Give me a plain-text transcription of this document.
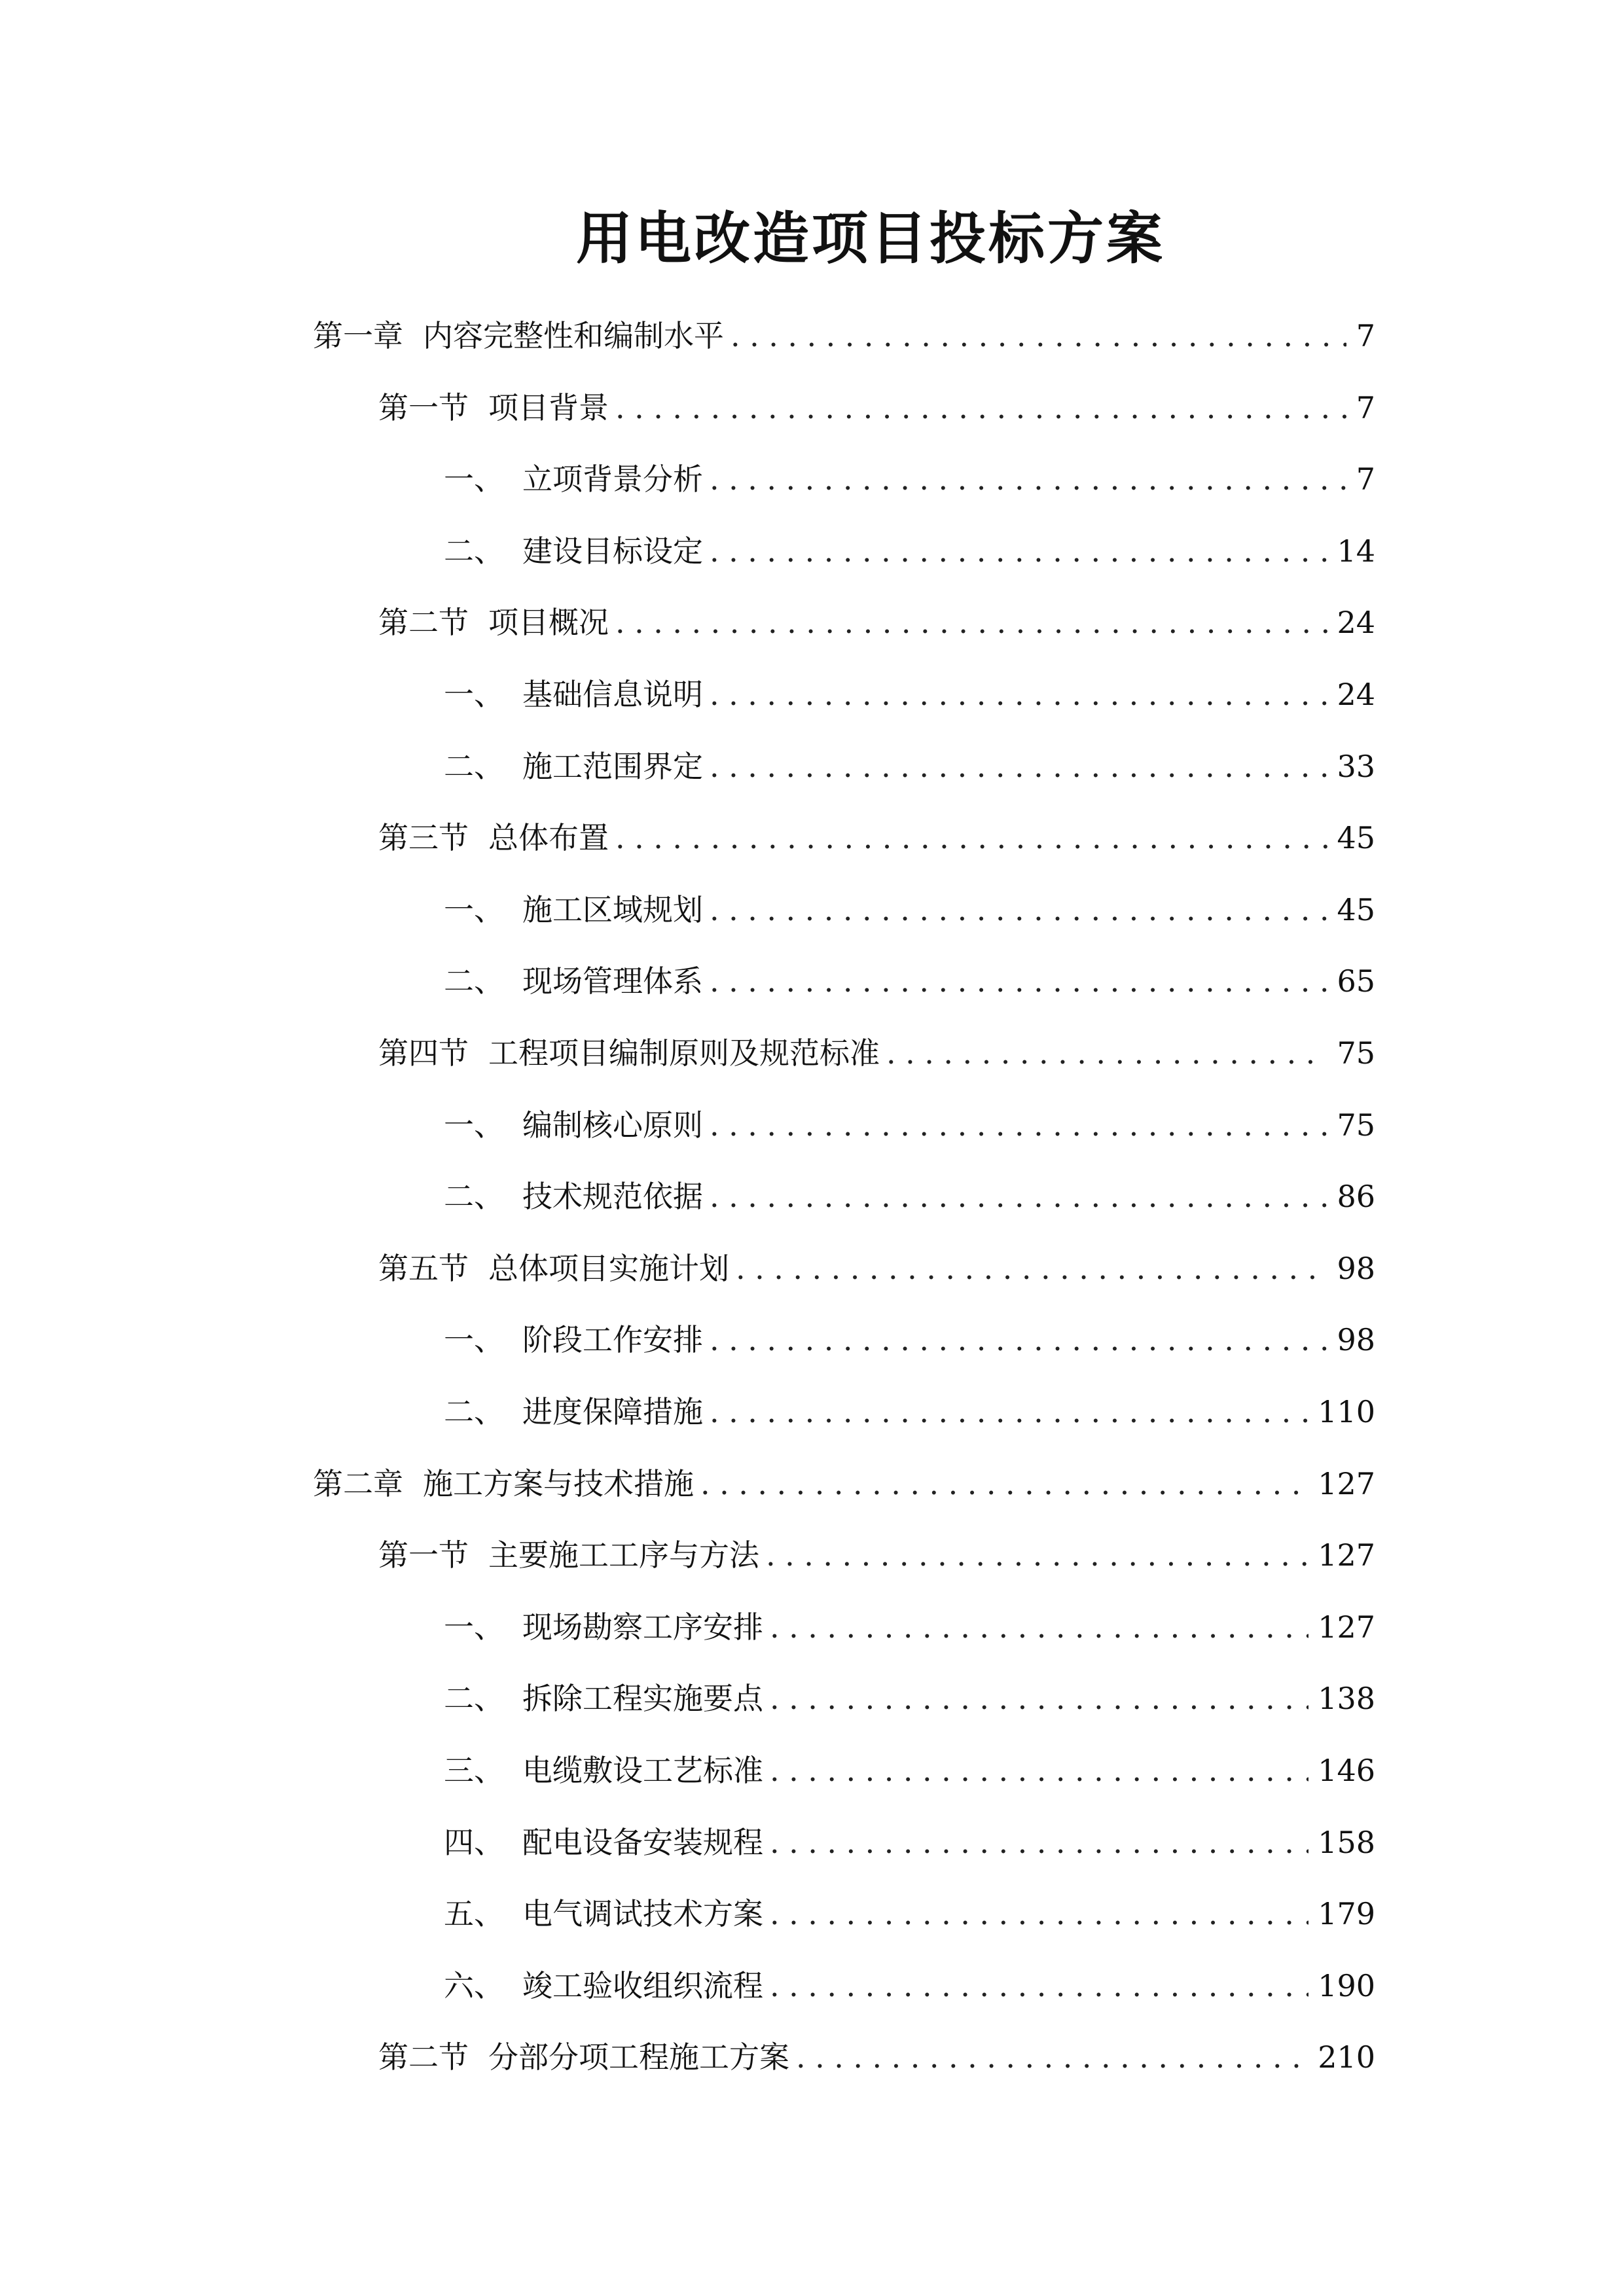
用电改造项目投标方案
第一章 内容完整性和编制水平 .....	7
第一节 项目背景 .....	7
一、 立项背景分析 .....	7
二、 建设目标设定 .....	14
第二节 项目概况 .....	24
一、 基础信息说明 .....	24
二、 施工范围界定 .....	33
第三节 总体布置 .....	45
一、 施工区域规划 .....	45
二、 现场管理体系 .....	65
第四节 工程项目编制原则及规范标准 .....	75
一、 编制核心原则 .....	75
二、 技术规范依据 .....	86
第五节 总体项目实施计划 .....	98
一、 阶段工作安排 .....	98
二、 进度保障措施 .....	110
第二章 施工方案与技术措施 .....	127
第一节 主要施工工序与方法 .....	127
一、 现场勘察工序安排 .....	127
二、 拆除工程实施要点 .....	138
三、 电缆敷设工艺标准 .....	146
四、 配电设备安装规程 .....	158
五、 电气调试技术方案 .....	179
六、 竣工验收组织流程 .....	190
第二节 分部分项工程施工方案 .....	210
